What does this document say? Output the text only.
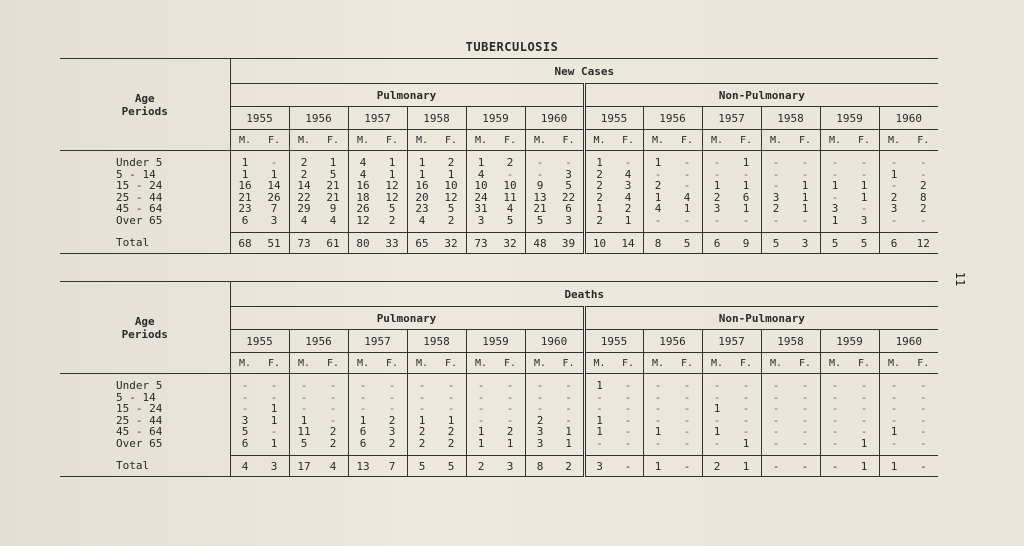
TUBERCULOSIS
Age
Periods	New Cases																							
	Pulmonary												Non-Pulmonary											
	1955		1956		1957		1958		1959		1960		1955		1956		1957		1958		1959		1960	
	M.	F.	M.	F.	M.	F.	M.	F.	M.	F.	M.	F.	M.	F.	M.	F.	M.	F.	M.	F.	M.	F.	M.	F.
Under 5	1	-	2	1	4	1	1	2	1	2	-	-	1	-	1	-	-	1	-	-	-	-	-	-
5 - 14	1	1	2	5	4	1	1	1	4	-	-	3	2	4	-	-	-	-	-	-	-	-	1	-
15 - 24	16	14	14	21	16	12	16	10	10	10	9	5	2	3	2	-	1	1	-	1	1	1	-	2
25 - 44	21	26	22	21	18	12	20	12	24	11	13	22	2	4	1	4	2	6	3	1	-	1	2	8
45 - 64	23	7	29	9	26	5	23	5	31	4	21	6	1	2	4	1	3	1	2	1	3	-	3	2
Over 65	6	3	4	4	12	2	4	2	3	5	5	3	2	1	-	-	-	-	-	-	1	3	-	-
Total	68	51	73	61	80	33	65	32	73	32	48	39	10	14	8	5	6	9	5	3	5	5	6	12
Age
Periods	Deaths																							
	Pulmonary												Non-Pulmonary											
	1955		1956		1957		1958		1959		1960		1955		1956		1957		1958		1959		1960	
	M.	F.	M.	F.	M.	F.	M.	F.	M.	F.	M.	F.	M.	F.	M.	F.	M.	F.	M.	F.	M.	F.	M.	F.
Under 5	-	-	-	-	-	-	-	-	-	-	-	-	1	-	-	-	-	-	-	-	-	-	-	-
5 - 14	-	-	-	-	-	-	-	-	-	-	-	-	-	-	-	-	-	-	-	-	-	-	-	-
15 - 24	-	1	-	-	-	-	-	-	-	-	-	-	-	-	-	-	1	-	-	-	-	-	-	-
25 - 44	3	1	1	-	1	2	1	1	-	-	2	-	1	-	-	-	-	-	-	-	-	-	-	-
45 - 64	5	-	11	2	6	3	2	2	1	2	3	1	1	-	1	-	1	-	-	-	-	-	1	-
Over 65	6	1	5	2	6	2	2	2	1	1	3	1	-	-	-	-	-	1	-	-	-	1	-	-
Total	4	3	17	4	13	7	5	5	2	3	8	2	3	-	1	-	2	1	-	-	-	1	1	-
11
